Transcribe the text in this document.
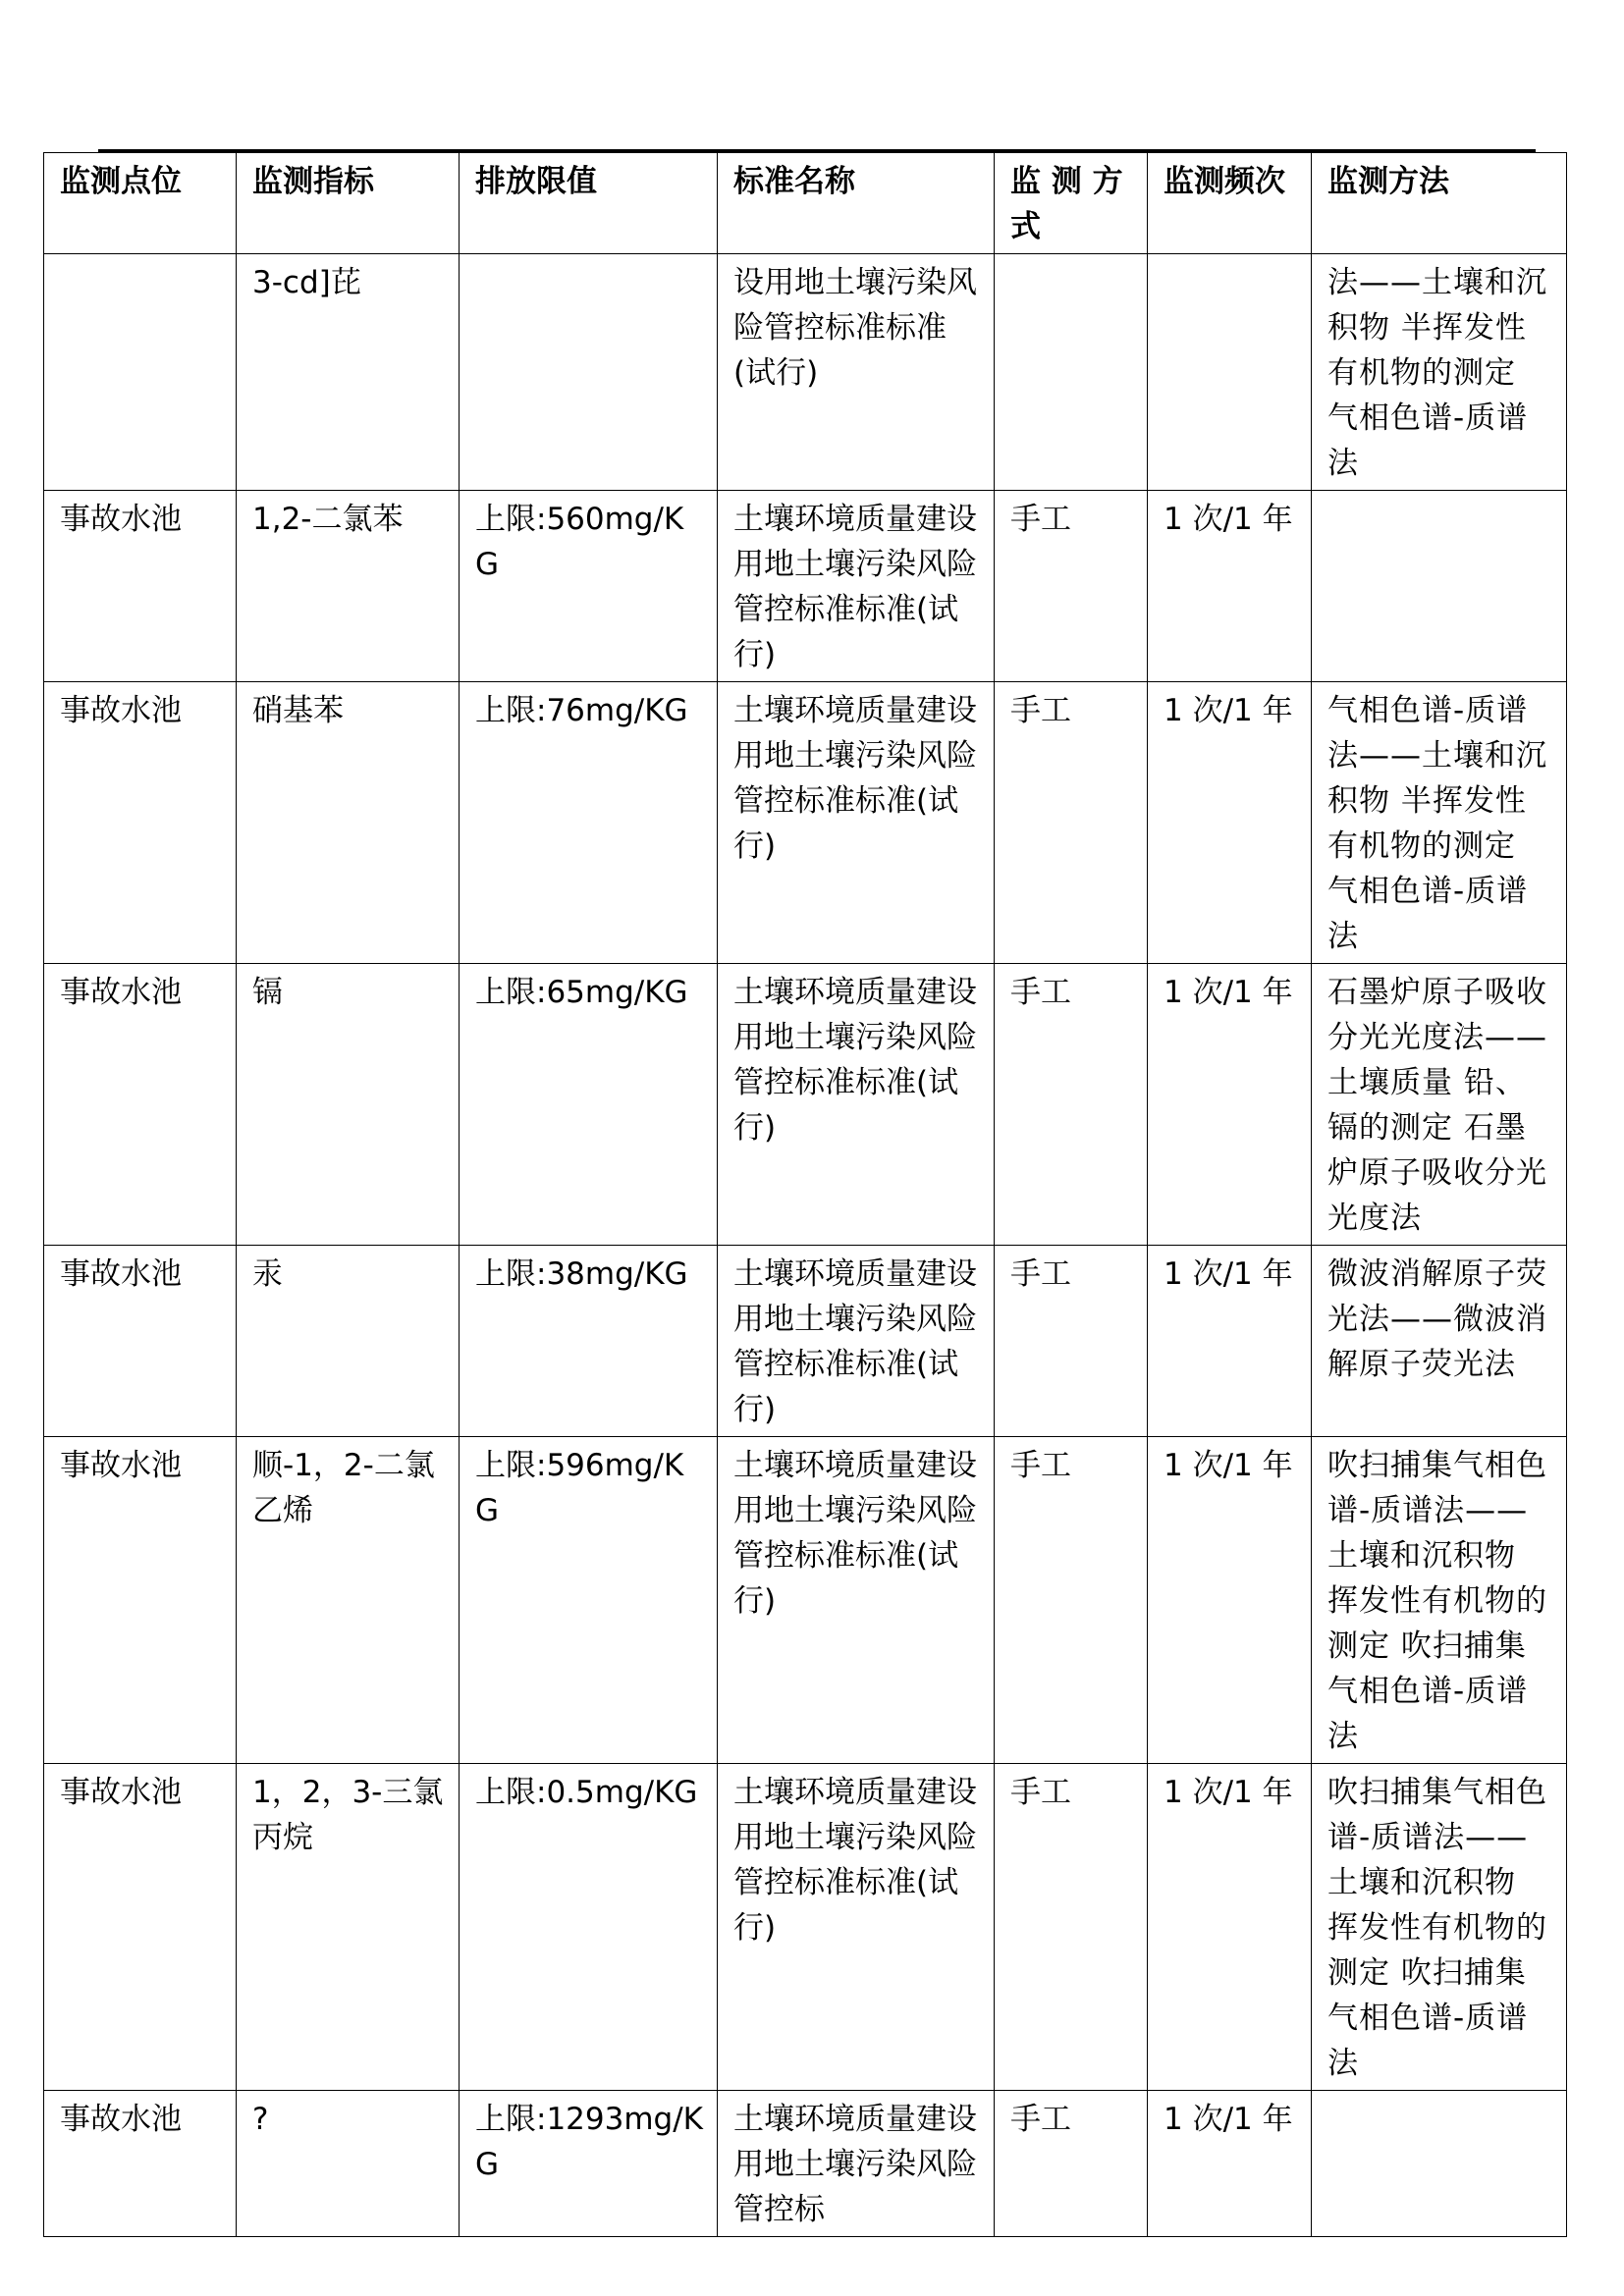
监测点位	监测指标	排放限值	标准名称	监 测 方 式	监测频次	监测方法
	3-cd]芘		设用地土壤污染风险管控标准标准(试行)			法——土壤和沉积物 半挥发性有机物的测定 气相色谱-质谱法
事故水池	1,2-二氯苯	上限:560mg/KG	土壤环境质量建设用地土壤污染风险管控标准标准(试行)	手工	1 次/1 年	
事故水池	硝基苯	上限:76mg/KG	土壤环境质量建设用地土壤污染风险管控标准标准(试行)	手工	1 次/1 年	气相色谱-质谱法——土壤和沉积物 半挥发性有机物的测定 气相色谱-质谱法
事故水池	镉	上限:65mg/KG	土壤环境质量建设用地土壤污染风险管控标准标准(试行)	手工	1 次/1 年	石墨炉原子吸收分光光度法——土壤质量 铅、镉的测定 石墨炉原子吸收分光光度法
事故水池	汞	上限:38mg/KG	土壤环境质量建设用地土壤污染风险管控标准标准(试行)	手工	1 次/1 年	微波消解原子荧光法——微波消解原子荧光法
事故水池	顺-1，2-二氯乙烯	上限:596mg/KG	土壤环境质量建设用地土壤污染风险管控标准标准(试行)	手工	1 次/1 年	吹扫捕集气相色谱-质谱法——土壤和沉积物 挥发性有机物的测定 吹扫捕集气相色谱-质谱法
事故水池	1，2，3-三氯丙烷	上限:0.5mg/KG	土壤环境质量建设用地土壤污染风险管控标准标准(试行)	手工	1 次/1 年	吹扫捕集气相色谱-质谱法——土壤和沉积物 挥发性有机物的测定 吹扫捕集气相色谱-质谱法
事故水池	?	上限:1293mg/KG	土壤环境质量建设用地土壤污染风险管控标	手工	1 次/1 年	
